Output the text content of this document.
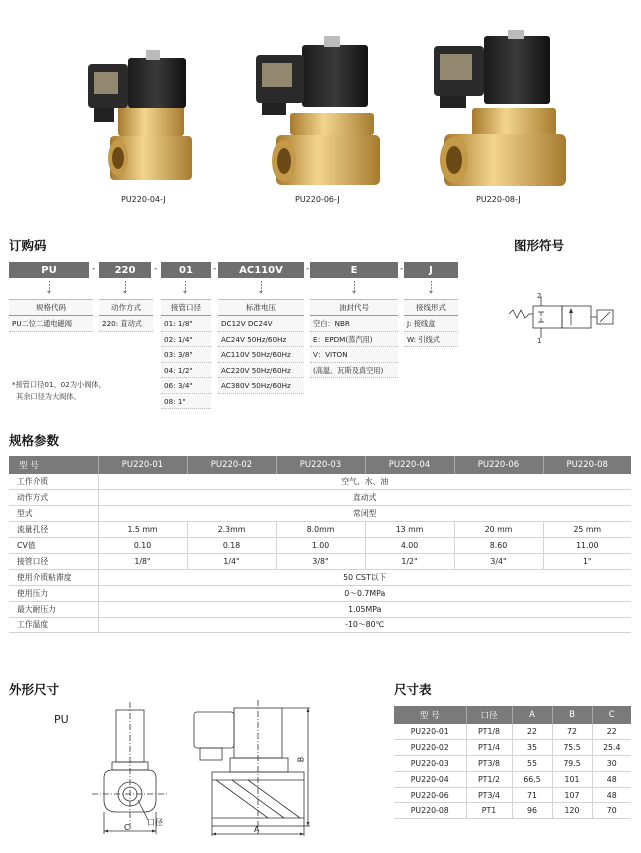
PU220-04-J	PU220-06-J	PU220-08-J
订购码	图形符号
PU	-	220	-	01	-	AC110V	-	E	-	J
规格代码
PU二位二通电磁阀
动作方式
220: 直动式
接管口径
01: 1/8"
02: 1/4"
03: 3/8"
04: 1/2"
06: 3/4"
08: 1"
标准电压
DC12V DC24V
AC24V 50Hz/60Hz
AC110V 50Hz/60Hz
AC220V 50Hz/60Hz
AC380V 50Hz/60Hz
油封代号
空白：NBR
E：EPDM(蒸汽用)
V：VITON
(高温、瓦斯及真空用)
接线形式
J: 接线盒
W: 引线式
*接管口径01、02为小阀体，
其余口径为大阀体。
2
1
规格参数
型 号	PU220-01	PU220-02	PU220-03	PU220-04	PU220-06	PU220-08
工作介质	空气、水、油					
动作方式	直动式					
型式	常闭型					
流量孔径	1.5 mm	2.3mm	8.0mm	13 mm	20 mm	25 mm
CV值	0.10	0.18	1.00	4.00	8.60	11.00
接管口径	1/8"	1/4"	3/8"	1/2"	3/4"	1"
使用介质粘滞度	50 CST以下					
使用压力	0～0.7MPa					
最大耐压力	1.05MPa					
工作温度	-10～80℃					
外形尺寸
PU
C
口径
A
B
尺寸表
型 号	口径	A	B	C
PU220-01	PT1/8	22	72	22
PU220-02	PT1/4	35	75.5	25.4
PU220-03	PT3/8	55	79.5	30
PU220-04	PT1/2	66.5	101	48
PU220-06	PT3/4	71	107	48
PU220-08	PT1	96	120	70
